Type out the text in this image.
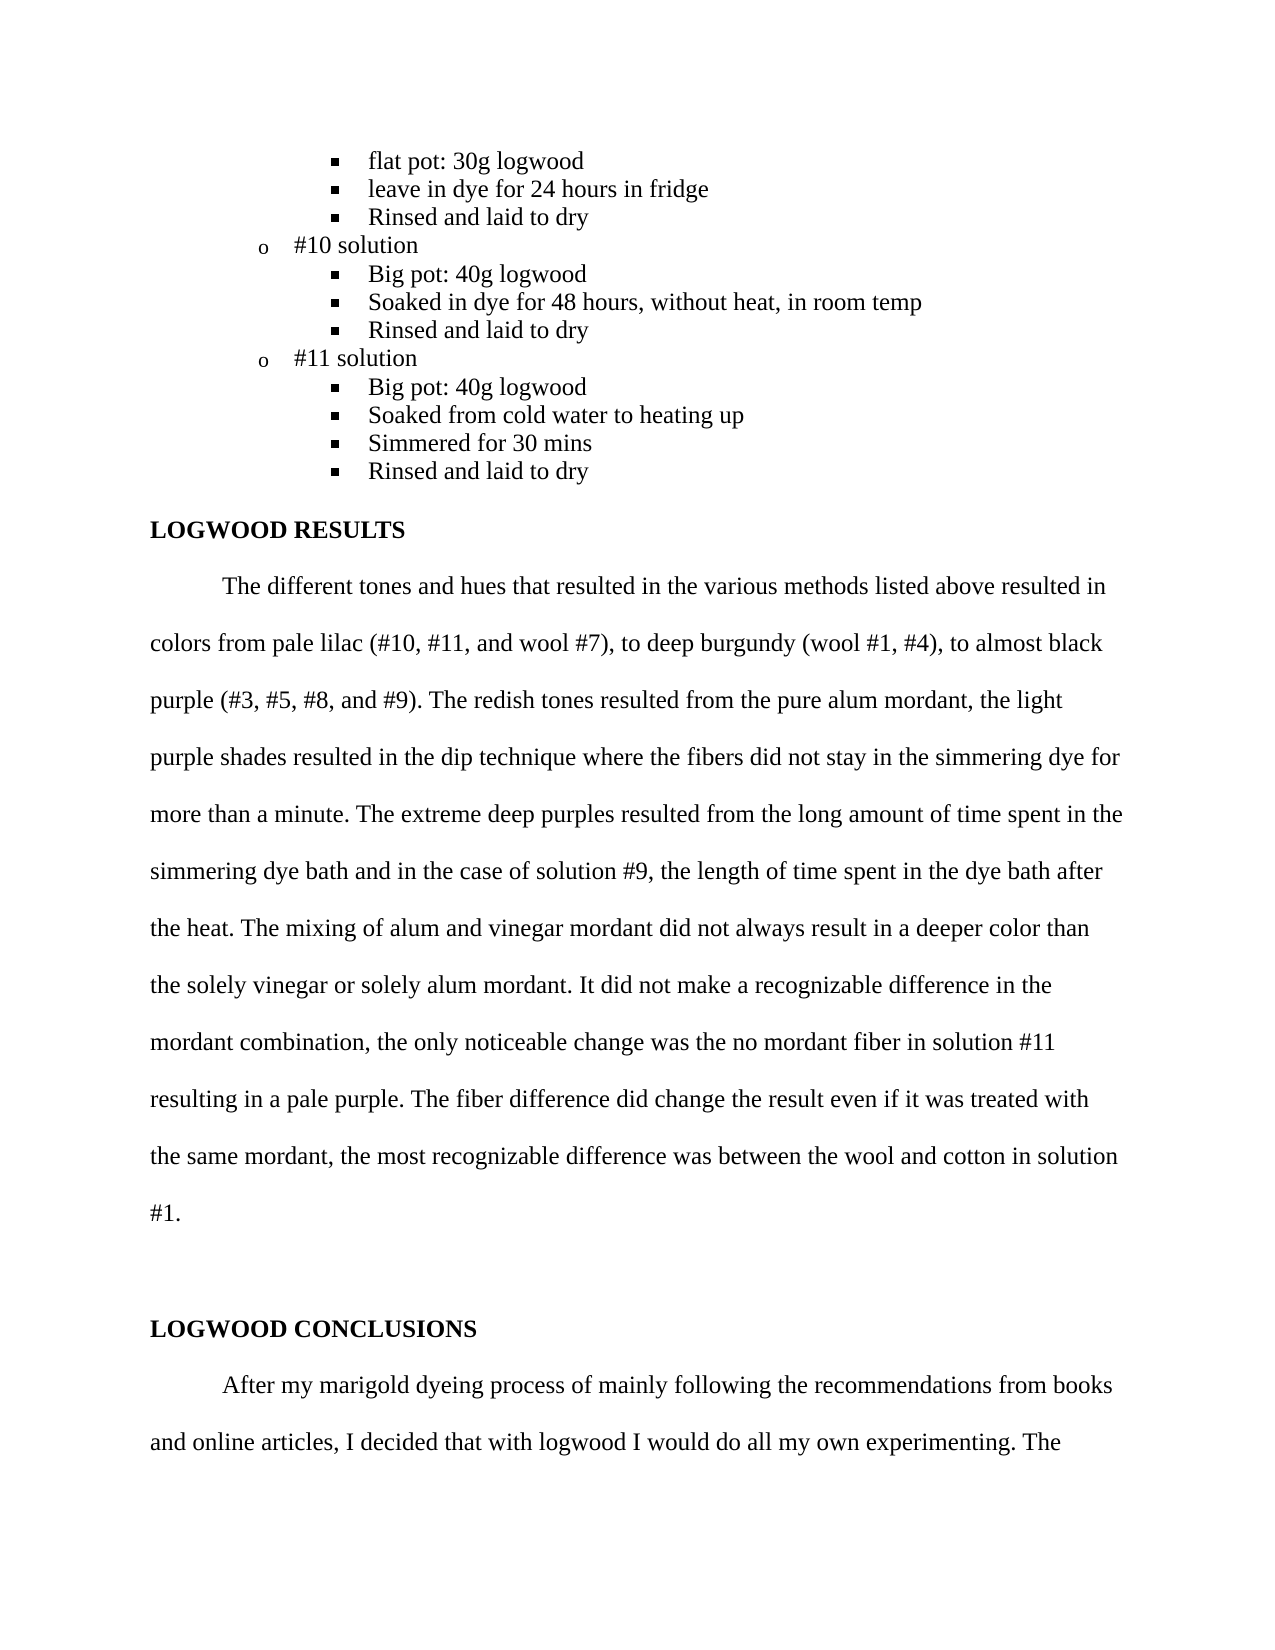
flat pot: 30g logwood
leave in dye for 24 hours in fridge
Rinsed and laid to dry
o #10 solution
Big pot: 40g logwood
Soaked in dye for 48 hours, without heat, in room temp
Rinsed and laid to dry
o #11 solution
Big pot: 40g logwood
Soaked from cold water to heating up
Simmered for 30 mins
Rinsed and laid to dry
LOGWOOD RESULTS
The different tones and hues that resulted in the various methods listed above resulted in
colors from pale lilac (#10, #11, and wool #7), to deep burgundy (wool #1, #4), to almost black
purple (#3, #5, #8, and #9). The redish tones resulted from the pure alum mordant, the light
purple shades resulted in the dip technique where the fibers did not stay in the simmering dye for
more than a minute. The extreme deep purples resulted from the long amount of time spent in the
simmering dye bath and in the case of solution #9, the length of time spent in the dye bath after
the heat. The mixing of alum and vinegar mordant did not always result in a deeper color than
the solely vinegar or solely alum mordant. It did not make a recognizable difference in the
mordant combination, the only noticeable change was the no mordant fiber in solution #11
resulting in a pale purple. The fiber difference did change the result even if it was treated with
the same mordant, the most recognizable difference was between the wool and cotton in solution
#1.
LOGWOOD CONCLUSIONS
After my marigold dyeing process of mainly following the recommendations from books
and online articles, I decided that with logwood I would do all my own experimenting. The
